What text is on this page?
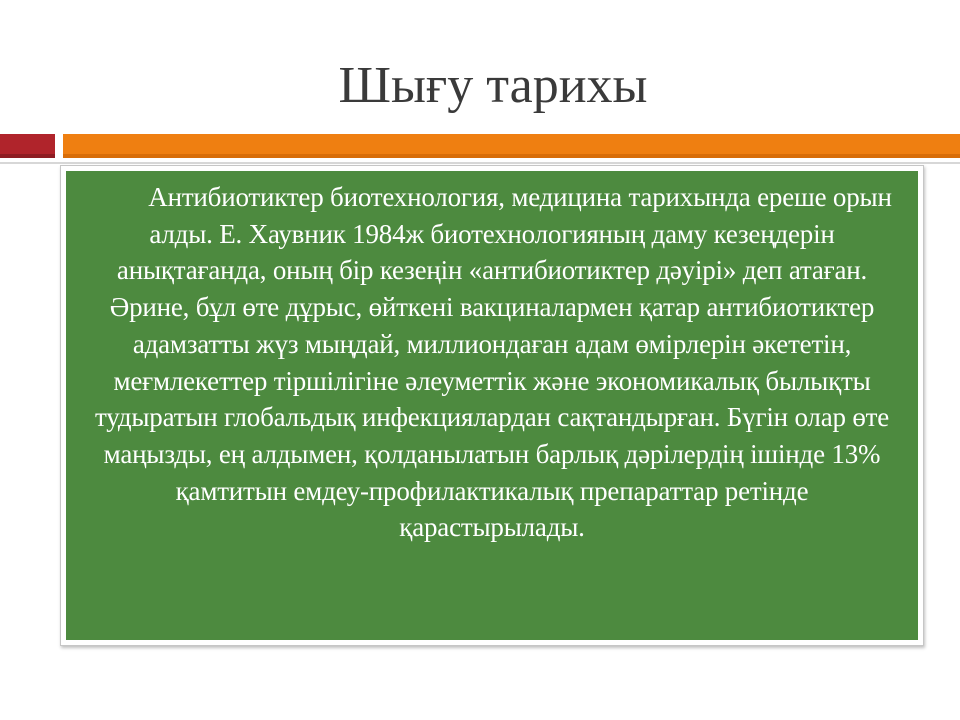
Шығу тарихы

Антибиотиктер биотехнология, медицина тарихында ереше орын алды. Е. Хаувник 1984ж биотехнологияның даму кезеңдерін анықтағанда, оның бір кезеңін «антибиотиктер дәуірі» деп атаған. Әрине, бұл өте дұрыс, өйткені вакциналармен қатар антибиотиктер адамзатты жүз мыңдай, миллиондаған адам өмірлерін әкететін, меғмлекеттер тіршілігіне әлеуметтік және экономикалық былықты тудыратын глобальдық инфекциялардан сақтандырған. Бүгін олар өте маңызды, ең алдымен, қолданылатын барлық дәрілердің ішінде 13% қамтитын емдеу-профилактикалық препараттар ретінде қарастырылады.
